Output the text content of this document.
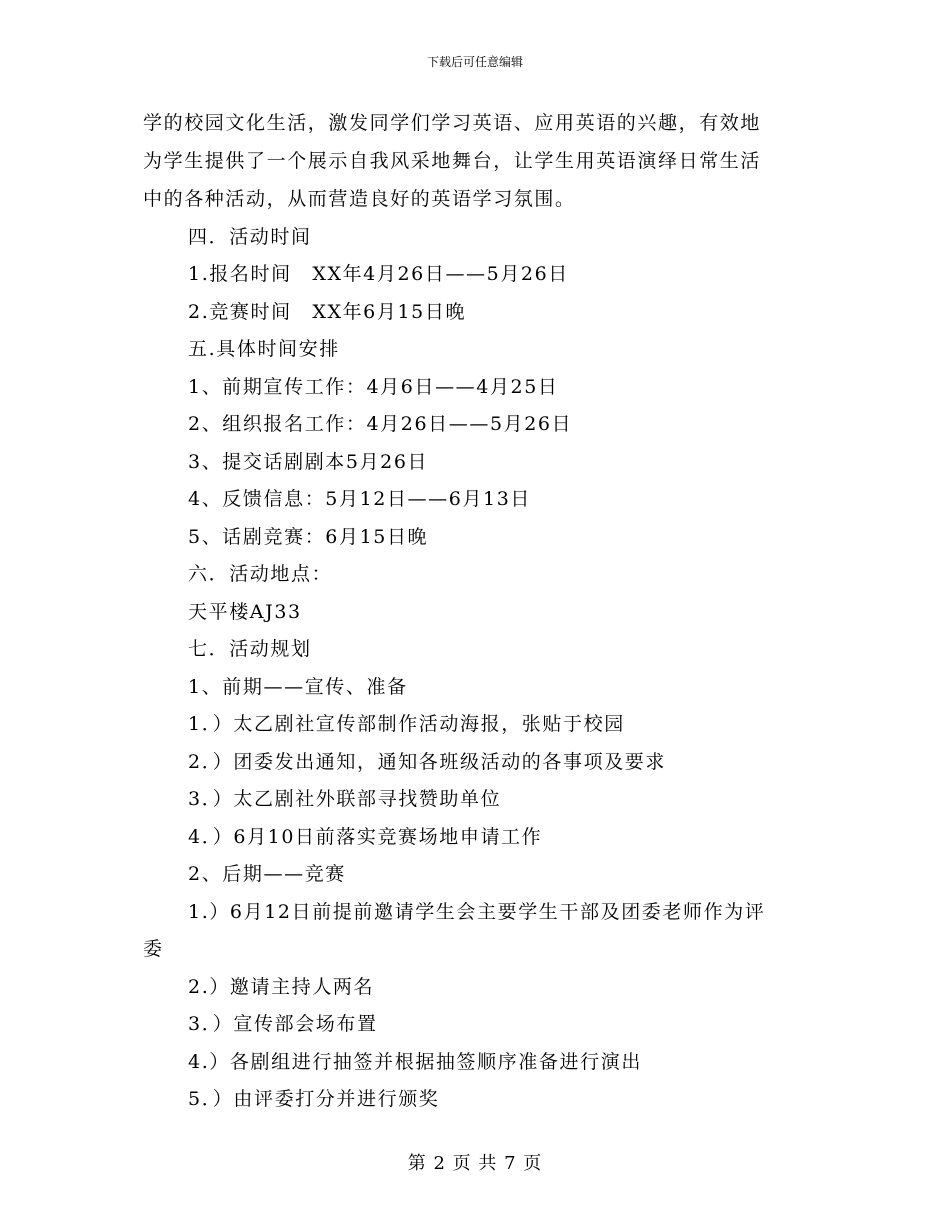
下载后可任意编辑
学的校园文化生活，激发同学们学习英语、应用英语的兴趣，有效地
为学生提供了一个展示自我风采地舞台，让学生用英语演绎日常生活
中的各种活动，从而营造良好的英语学习氛围。
四．活动时间
1.报名时间　XX年4月26日——5月26日
2.竞赛时间　XX年6月15日晚
五.具体时间安排
1、前期宣传工作：4月6日——4月25日
2、组织报名工作：4月26日——5月26日
3、提交话剧剧本5月26日
4、反馈信息：5月12日——6月13日
5、话剧竞赛：6月15日晚
六．活动地点：
天平楼AJ33
七．活动规划
1、前期——宣传、准备
1．）太乙剧社宣传部制作活动海报，张贴于校园
2．）团委发出通知，通知各班级活动的各事项及要求
3．）太乙剧社外联部寻找赞助单位
4．）6月10日前落实竞赛场地申请工作
2、后期——竞赛
1.）6月12日前提前邀请学生会主要学生干部及团委老师作为评
委
2.）邀请主持人两名
3．）宣传部会场布置
4.）各剧组进行抽签并根据抽签顺序准备进行演出
5．）由评委打分并进行颁奖
第 2 页 共 7 页
